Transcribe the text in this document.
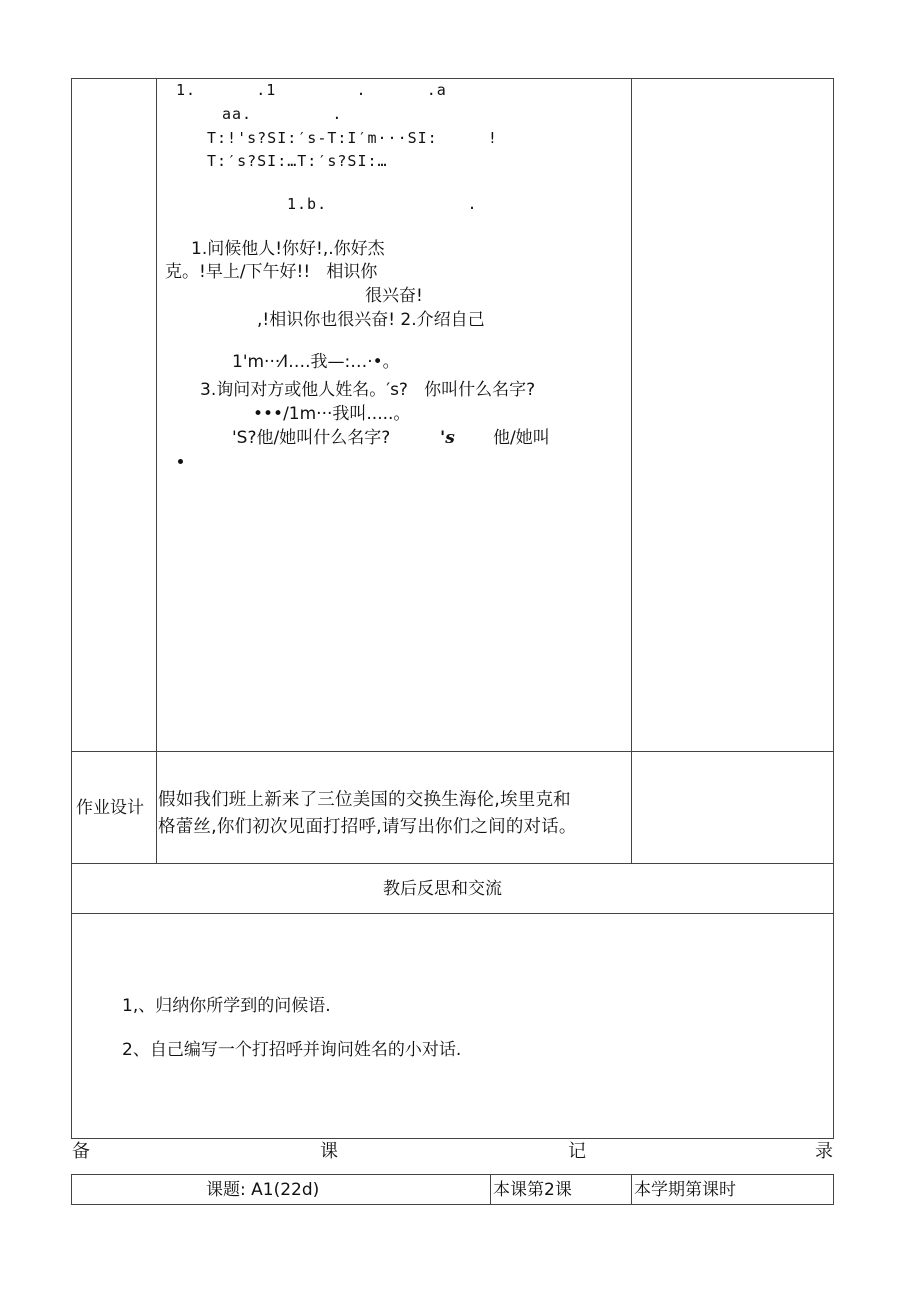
1.      .1        .      .a
aa.        .
T:!'s?SI:′s-T:I′m···SI:     !
T:′s?SI:…T:′s?SI:…
1.b.              .
1.问候他人!你好!,.你好杰
克。!早上/下午好!!   相识你
很兴奋!
,!相识你也很兴奋! 2.介绍自己
1'm···⁄I….我—:…·•。
3.询问对方或他人姓名。′s?   你叫什么名字?
•••/1m···我叫.....。
'S?他/她叫什么名字?	's 他/她叫
作业设计 假如我们班上新来了三位美国的交换生海伦,埃里克和
格蕾丝,你们初次见面打招呼,请写出你们之间的对话。
教后反思和交流
1,、归纳你所学到的问候语.
2、自己编写一个打招呼并询问姓名的小对话.
备	课	记	录
课题: A1(22d)	本课第2课	本学期第课时
